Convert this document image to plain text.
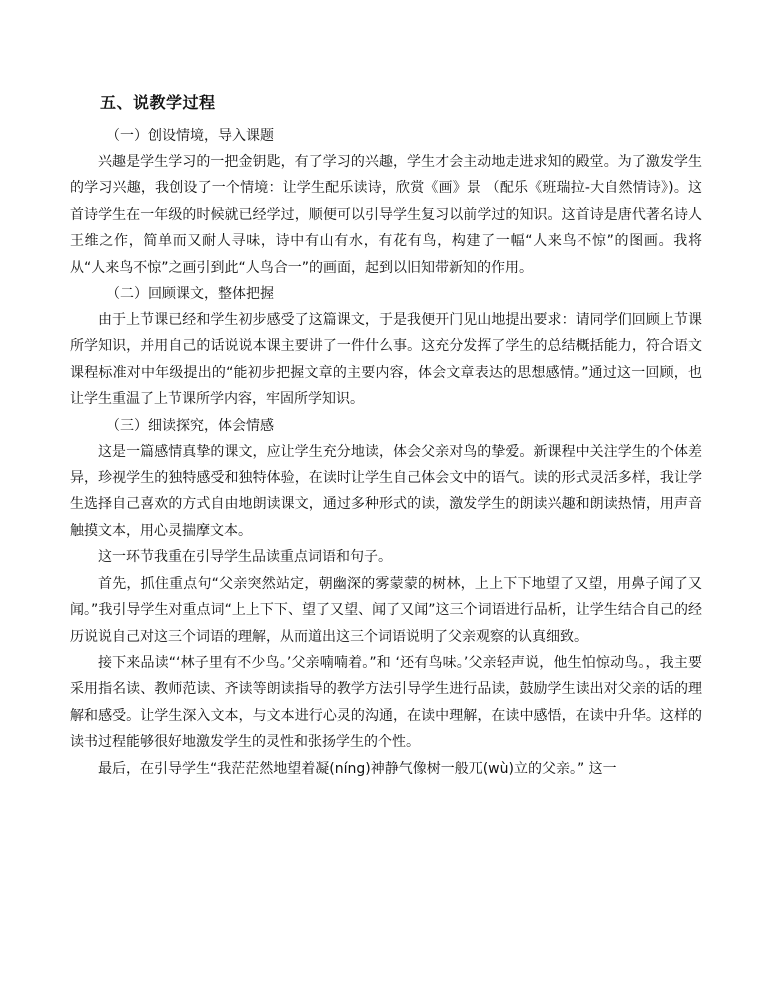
五、说教学过程

（一）创设情境，导入课题

兴趣是学生学习的一把金钥匙，有了学习的兴趣，学生才会主动地走进求知的殿堂。为了激发学生的学习兴趣，我创设了一个情境：让学生配乐读诗，欣赏《画》景 （配乐《班瑞拉-大自然情诗》)。这首诗学生在一年级的时候就已经学过，顺便可以引导学生复习以前学过的知识。这首诗是唐代著名诗人王维之作，简单而又耐人寻味，诗中有山有水，有花有鸟，构建了一幅“人来鸟不惊”的图画。我将从“人来鸟不惊”之画引到此“人鸟合一”的画面，起到以旧知带新知的作用。

（二）回顾课文，整体把握

由于上节课已经和学生初步感受了这篇课文，于是我便开门见山地提出要求：请同学们回顾上节课所学知识，并用自己的话说说本课主要讲了一件什么事。这充分发挥了学生的总结概括能力，符合语文课程标准对中年级提出的“能初步把握文章的主要内容，体会文章表达的思想感情。”通过这一回顾，也让学生重温了上节课所学内容，牢固所学知识。

（三）细读探究，体会情感

这是一篇感情真挚的课文，应让学生充分地读，体会父亲对鸟的挚爱。新课程中关注学生的个体差异，珍视学生的独特感受和独特体验，在读时让学生自己体会文中的语气。读的形式灵活多样，我让学生选择自己喜欢的方式自由地朗读课文，通过多种形式的读，激发学生的朗读兴趣和朗读热情，用声音触摸文本，用心灵揣摩文本。

这一环节我重在引导学生品读重点词语和句子。

首先，抓住重点句“父亲突然站定，朝幽深的雾蒙蒙的树林，上上下下地望了又望，用鼻子闻了又闻。”我引导学生对重点词“上上下下、望了又望、闻了又闻”这三个词语进行品析，让学生结合自己的经历说说自己对这三个词语的理解，从而道出这三个词语说明了父亲观察的认真细致。

接下来品读“‘林子里有不少鸟。’父亲喃喃着。”和 ‘还有鸟味。’父亲轻声说，他生怕惊动鸟。，我主要采用指名读、教师范读、齐读等朗读指导的教学方法引导学生进行品读，鼓励学生读出对父亲的话的理解和感受。让学生深入文本，与文本进行心灵的沟通，在读中理解，在读中感悟，在读中升华。这样的读书过程能够很好地激发学生的灵性和张扬学生的个性。

最后，在引导学生“我茫茫然地望着凝(níng)神静气像树一般兀(wù)立的父亲。” 这一
